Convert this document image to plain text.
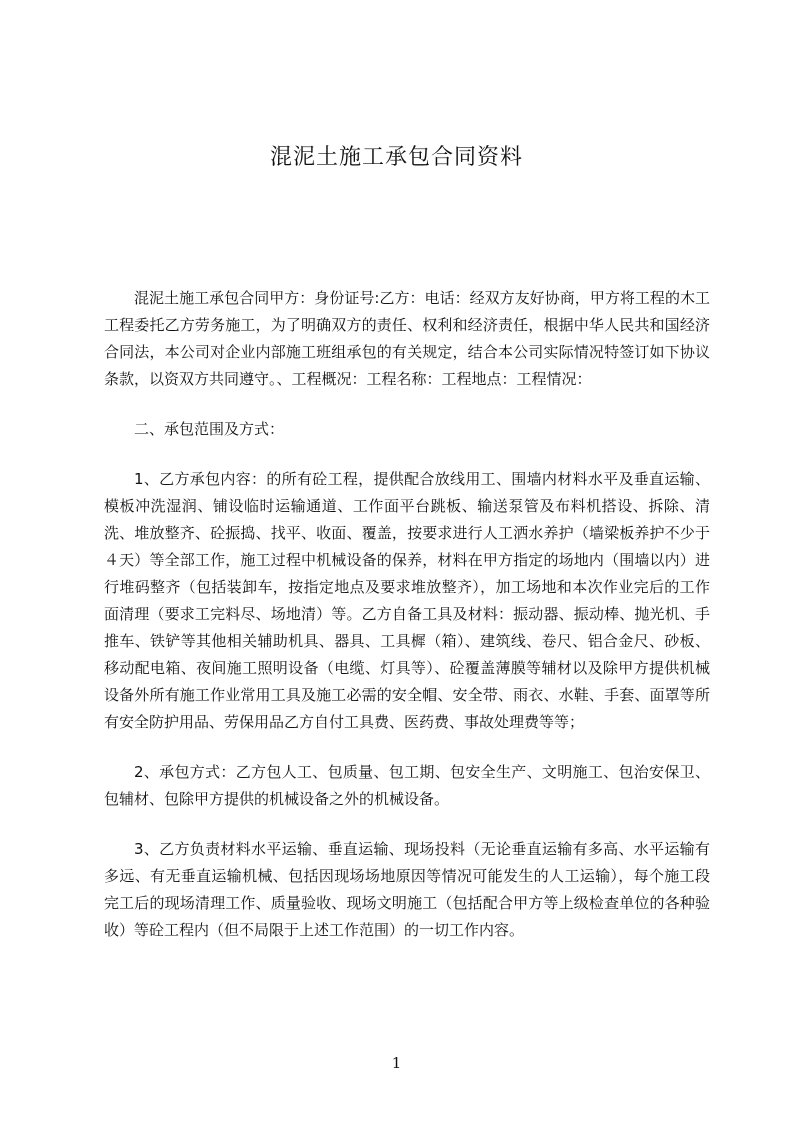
混泥土施工承包合同资料

混泥土施工承包合同甲方：身份证号:乙方：电话：经双方友好协商，甲方将工程的木工工程委托乙方劳务施工，为了明确双方的责任、权利和经济责任，根据中华人民共和国经济合同法，本公司对企业内部施工班组承包的有关规定，结合本公司实际情况特签订如下协议条款，以资双方共同遵守。、工程概况：工程名称：工程地点：工程情况：

二、承包范围及方式：

1、乙方承包内容：的所有砼工程，提供配合放线用工、围墙内材料水平及垂直运输、模板冲洗湿润、铺设临时运输通道、工作面平台跳板、输送泵管及布料机搭设、拆除、清洗、堆放整齐、砼振捣、找平、收面、覆盖，按要求进行人工洒水养护（墙梁板养护不少于４天）等全部工作，施工过程中机械设备的保养，材料在甲方指定的场地内（围墙以内）进行堆码整齐（包括装卸车，按指定地点及要求堆放整齐），加工场地和本次作业完后的工作面清理（要求工完料尽、场地清）等。乙方自备工具及材料：振动器、振动棒、抛光机、手推车、铁铲等其他相关辅助机具、器具、工具樨（箱）、建筑线、卷尺、铝合金尺、砂板、移动配电箱、夜间施工照明设备（电缆、灯具等）、砼覆盖薄膜等辅材以及除甲方提供机械设备外所有施工作业常用工具及施工必需的安全帽、安全带、雨衣、水鞋、手套、面罩等所有安全防护用品、劳保用品乙方自付工具费、医药费、事故处理费等等；

2、承包方式：乙方包人工、包质量、包工期、包安全生产、文明施工、包治安保卫、包辅材、包除甲方提供的机械设备之外的机械设备。

3、乙方负责材料水平运输、垂直运输、现场投料（无论垂直运输有多高、水平运输有多远、有无垂直运输机械、包括因现场场地原因等情况可能发生的人工运输），每个施工段完工后的现场清理工作、质量验收、现场文明施工（包括配合甲方等上级检查单位的各种验收）等砼工程内（但不局限于上述工作范围）的一切工作内容。

1
